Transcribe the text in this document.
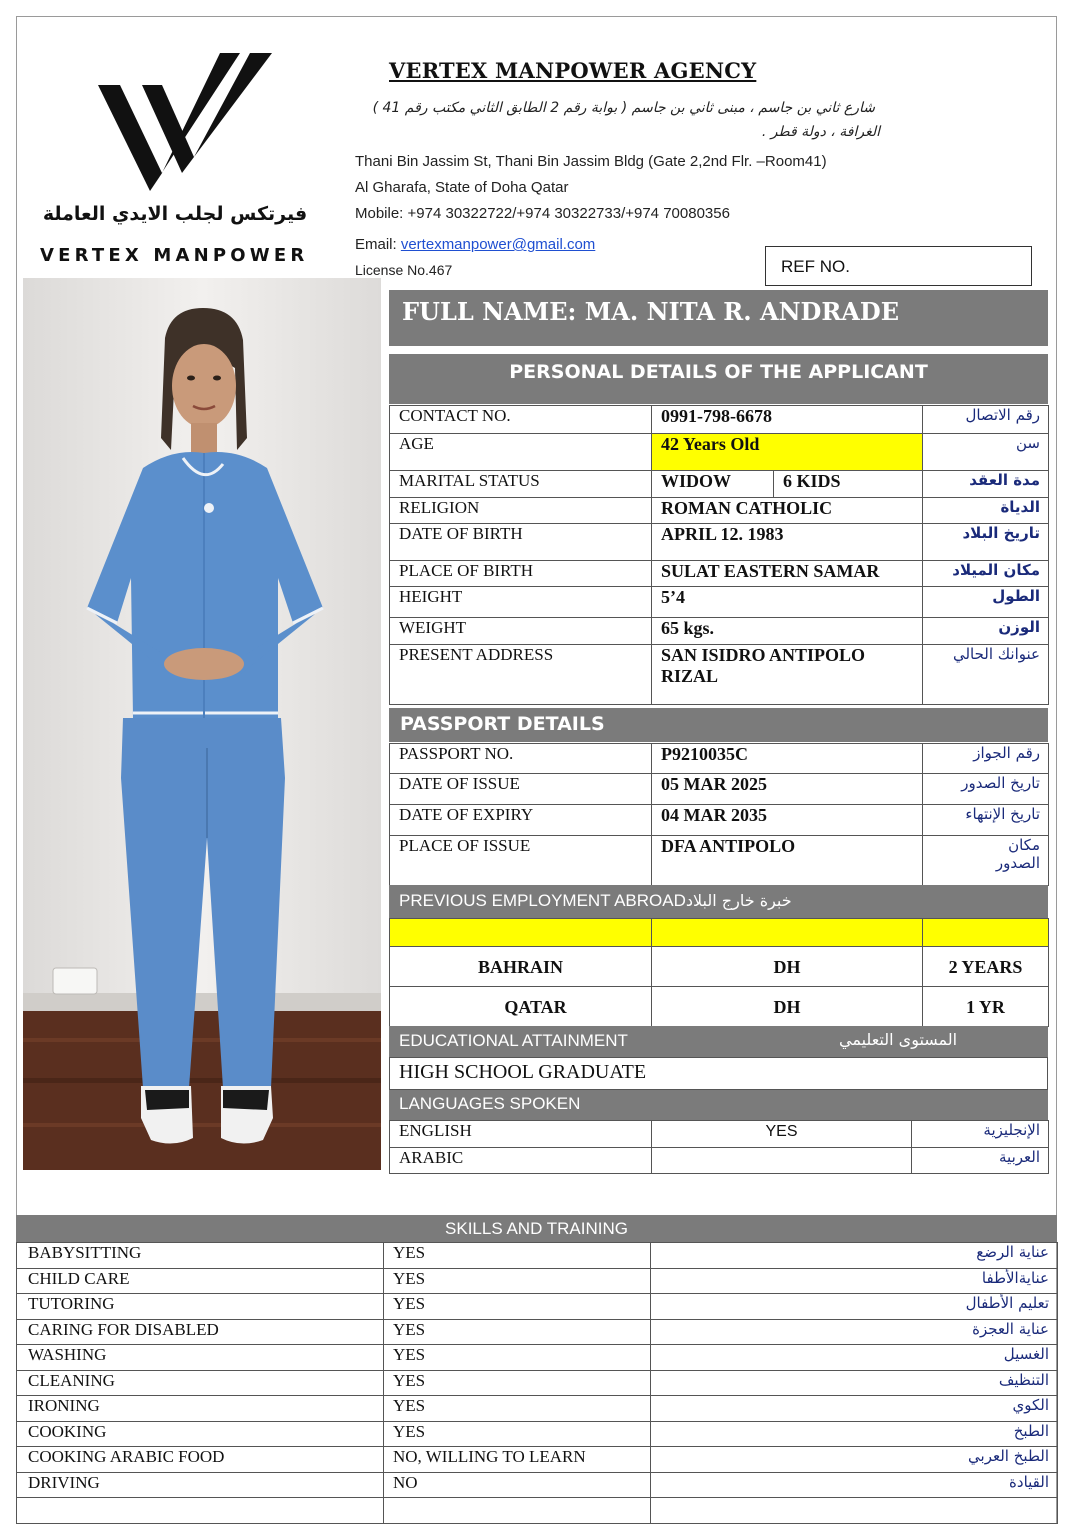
فيرتكس لجلب الايدي العاملة
VERTEX MANPOWER
VERTEX MANPOWER AGENCY
شارع ثاني بن جاسم ، مبنى ثاني بن جاسم ( بوابة رقم 2 الطابق الثاني مكتب رقم 41 )
الغرافة ، دولة قطر .
Thani Bin Jassim St, Thani Bin Jassim Bldg (Gate 2,2nd Flr. –Room41)
Al Gharafa, State of Doha Qatar
Mobile: +974 30322722/+974 30322733/+974 70080356
Email: vertexmanpower@gmail.com
License No.467	REF NO.
FULL NAME: MA. NITA R. ANDRADE
PERSONAL DETAILS OF THE APPLICANT
CONTACT NO.	0991-798-6678		رقم الاتصال
AGE	42 Years Old		سن
MARITAL STATUS	WIDOW	6 KIDS	مدة العقد
RELIGION	ROMAN CATHOLIC		الدياة
DATE OF BIRTH	APRIL 12. 1983		تاريخ البلاد
PLACE OF BIRTH	SULAT EASTERN SAMAR		مكان الميلاد
HEIGHT	5’4		الطول
WEIGHT	65 kgs.		الوزن
PRESENT ADDRESS	SAN ISIDRO ANTIPOLO
RIZAL		عنوانك الحالي
PASSPORT DETAILS
PASSPORT NO.	P9210035C	رقم الجواز
DATE OF ISSUE	05 MAR 2025	تاريخ الصدور
DATE OF EXPIRY	04 MAR 2035	تاريخ الإنتهاء
PLACE OF ISSUE	DFA ANTIPOLO	مكان
الصدور
PREVIOUS EMPLOYMENT ABROADخبرة خارج البلاد

BAHRAIN	DH	2 YEARS
QATAR	DH	1 YR
EDUCATIONAL ATTAINMENT	المستوى التعليمي
HIGH SCHOOL GRADUATE
LANGUAGES SPOKEN
ENGLISH	YES	الإنجليزية
ARABIC		العربية
SKILLS AND TRAINING
BABYSITTING	YES	عناية الرضع
CHILD CARE	YES	عنايةالأطفا
TUTORING	YES	تعليم الأطفال
CARING FOR DISABLED	YES	عناية العجزة
WASHING	YES	الغسيل
CLEANING	YES	التنظيف
IRONING	YES	الكوي
COOKING	YES	الطبخ
COOKING ARABIC FOOD	NO, WILLING TO LEARN	الطبخ العربي
DRIVING	NO	القيادة
